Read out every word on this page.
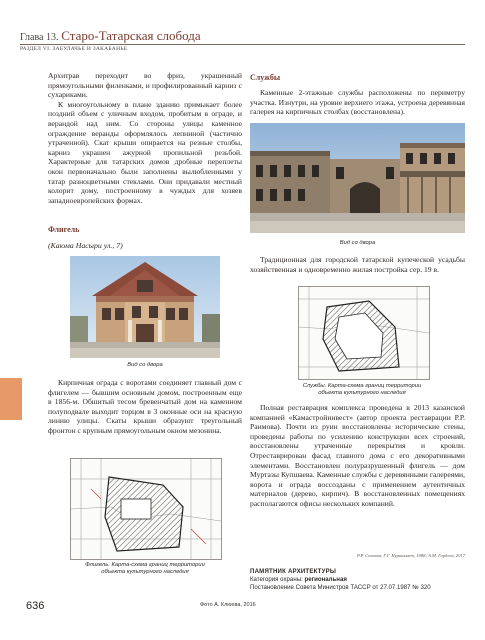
Глава 13. Старо-Татарская слобода
РАЗДЕЛ VI. ЗАБУЛАЧЬЕ И ЗАКАБАНЬЕ

Архитрав переходит во фриз, украшенный прямоугольными филенками, и профилированный карниз с сухариками.

К многоугольному в плане зданию примыкает более поздний объем с уличным входом, пробитым в ограде, и верандой над ним. Со стороны улицы каменное ограждение веранды оформлялось лепниной (частично утраченной). Скат крыши опирается на резные столбы, карниз украшен ажурной пропильной резьбой. Характерные для татарских домов дробные переплеты окон первоначально были заполнены вылюбленными у татар разноцветными стеклами. Они придавали местный колорит дому, построенному в чуждых для хозяев западноевропейских формах.

Флигель
(Каюма Насыри ул., 7)
Вид со двора

Кирпичная ограда с воротами соединяет главный дом с флигелем — бывшим основным домом, построенным еще в 1856-м. Обшитый тесом бревенчатый дом на каменном полуподвале выходит торцом в 3 оконные оси на красную линию улицы. Скаты крыши образуют треугольный фронтон с крупным прямоугольным окном мезонина.

Флигель. Карта-схема границ территории
объекта культурного наследия
Службы

Каменные 2-этажные службы расположены по периметру участка. Изнутри, на уровне верхнего этажа, устроена деревянная галерея на кирпичных столбах (восстановлена).

Вид со двора

Традиционная для городской татарской купеческой усадьбы хозяйственная и одновременно жилая постройка сер. 19 в.

Службы. Карта-схема границ территории
объекта культурного наследия

Полная реставрация комплекса проведена в 2013 казанской компанией «Камастройинвест» (автор проекта реставрации Р.Р. Раимова). Почти из руин восстановлены исторические стены, проведены работы по усилению конструкции всех строений, восстановлены утраченные перекрытия и кровли. Отреставрирован фасад главного дома с его декоративными элементами. Восстановлен полуразрушенный флигель — дом Муртазы Купшаева. Каменные службы с деревянными галереями, ворота и ограда воссозданы с применением аутентичных материалов (дерево, кирпич). В восстановленных помещениях располагаются офисы нескольких компаний.

Р.Р. Салахов, Г.Г. Нуриахмет, 1988; А.М. Гордеев, 2017
ПАМЯТНИК АРХИТЕКТУРЫ
Категория охраны: региональная
Постановление Совета Министров ТАССР от 27.07.1987 № 320
636	Фото А. Клюева, 2016
